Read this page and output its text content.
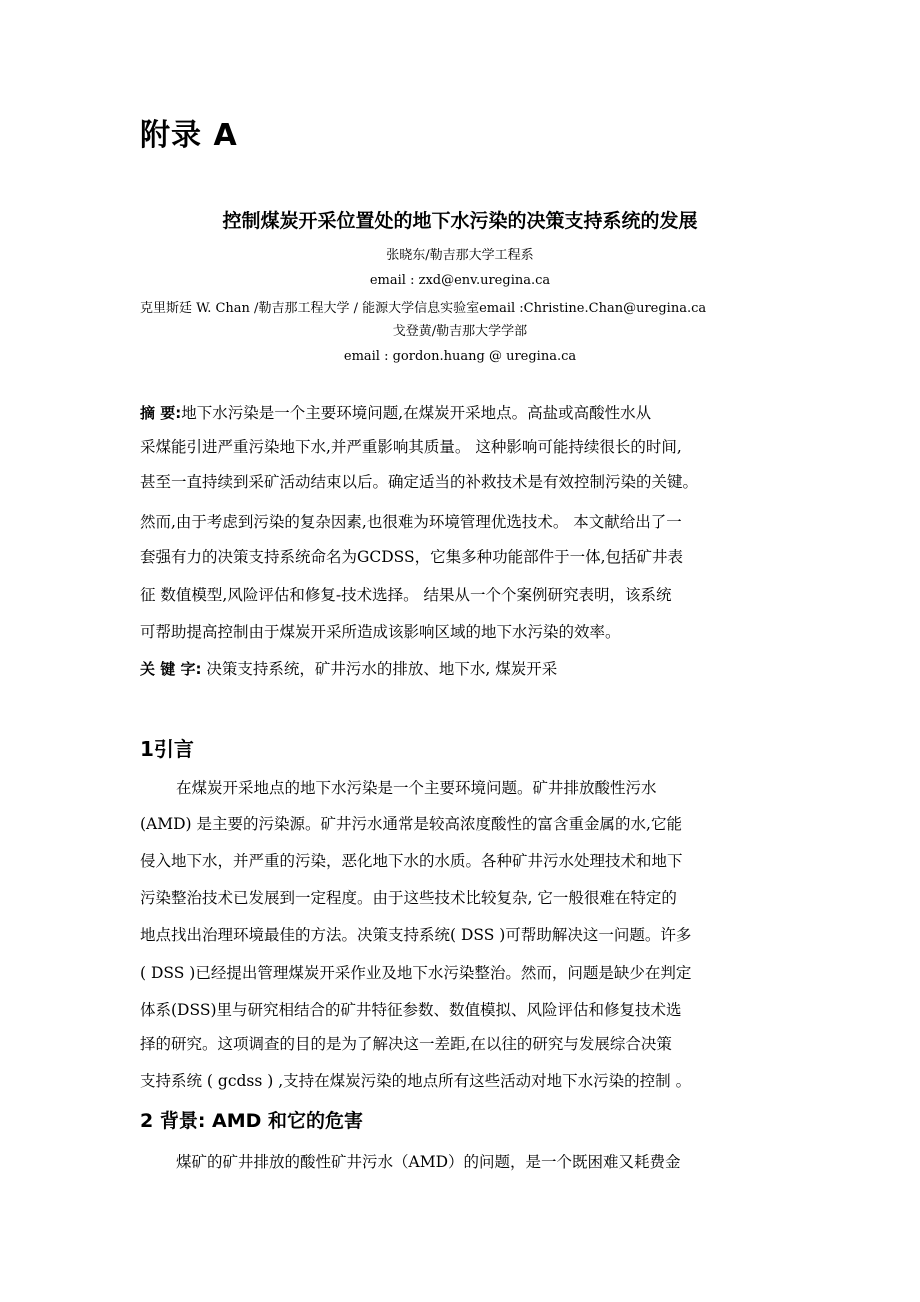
附录 A
控制煤炭开采位置处的地下水污染的决策支持系统的发展
张晓东/勒吉那大学工程系
email : zxd@env.uregina.ca
克里斯廷 W. Chan /勒吉那工程大学 / 能源大学信息实验室email :Christine.Chan@uregina.ca
戈登黄/勒吉那大学学部
email : gordon.huang @ uregina.ca
摘 要:地下水污染是一个主要环境问题,在煤炭开采地点。高盐或高酸性水从
采煤能引进严重污染地下水,并严重影响其质量。 这种影响可能持续很长的时间,
甚至一直持续到采矿活动结束以后。确定适当的补救技术是有效控制污染的关键。
然而,由于考虑到污染的复杂因素,也很难为环境管理优选技术。 本文献给出了一
套强有力的决策支持系统命名为GCDSS，它集多种功能部件于一体,包括矿井表
征 数值模型,风险评估和修复-技术选择。 结果从一个个案例研究表明，该系统
可帮助提高控制由于煤炭开采所造成该影响区域的地下水污染的效率。
关 键 字: 决策支持系统，矿井污水的排放、地下水, 煤炭开采
1引言
在煤炭开采地点的地下水污染是一个主要环境问题。矿井排放酸性污水
(AMD) 是主要的污染源。矿井污水通常是较高浓度酸性的富含重金属的水,它能
侵入地下水，并严重的污染，恶化地下水的水质。各种矿井污水处理技术和地下
污染整治技术已发展到一定程度。由于这些技术比较复杂, 它一般很难在特定的
地点找出治理环境最佳的方法。决策支持系统( DSS )可帮助解决这一问题。许多
( DSS )已经提出管理煤炭开采作业及地下水污染整治。然而，问题是缺少在判定
体系(DSS)里与研究相结合的矿井特征参数、数值模拟、风险评估和修复技术选
择的研究。这项调查的目的是为了解决这一差距,在以往的研究与发展综合决策
支持系统 ( gcdss ) ,支持在煤炭污染的地点所有这些活动对地下水污染的控制 。
2 背景: AMD 和它的危害
煤矿的矿井排放的酸性矿井污水（AMD）的问题，是一个既困难又耗费金
